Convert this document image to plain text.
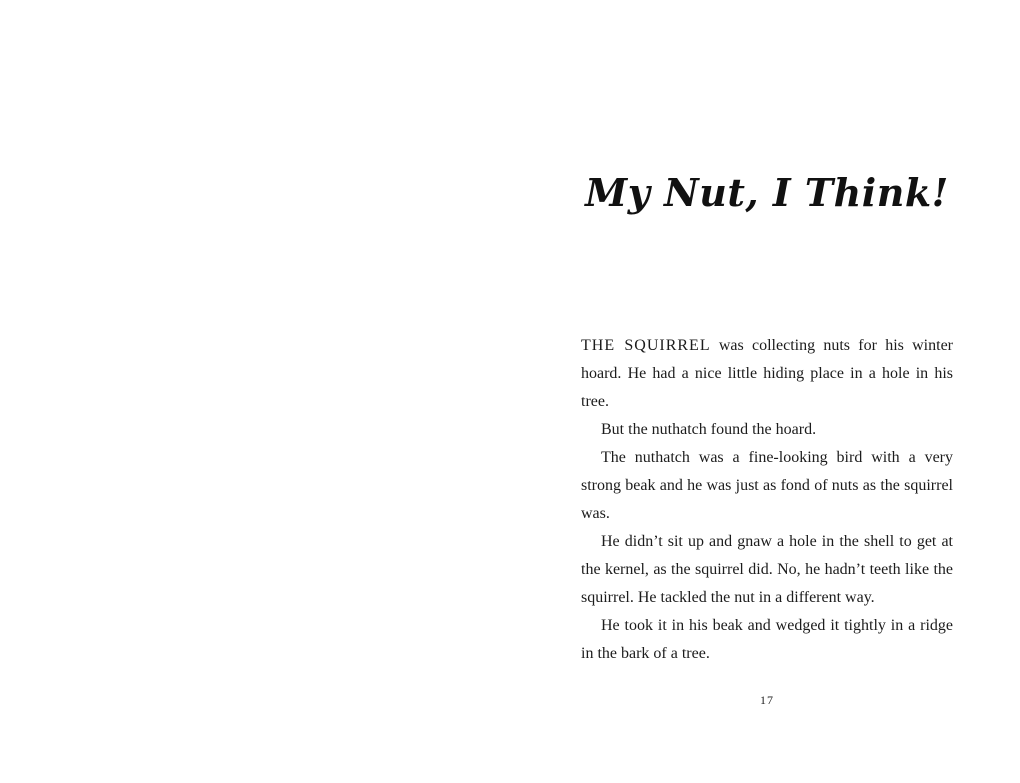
My Nut, I Think!

THE SQUIRREL was collecting nuts for his winter hoard. He had a nice little hiding place in a hole in his tree.

But the nuthatch found the hoard.

The nuthatch was a fine-looking bird with a very strong beak and he was just as fond of nuts as the squirrel was.

He didn’t sit up and gnaw a hole in the shell to get at the kernel, as the squirrel did. No, he hadn’t teeth like the squirrel. He tackled the nut in a different way.

He took it in his beak and wedged it tightly in a ridge in the bark of a tree.

17
